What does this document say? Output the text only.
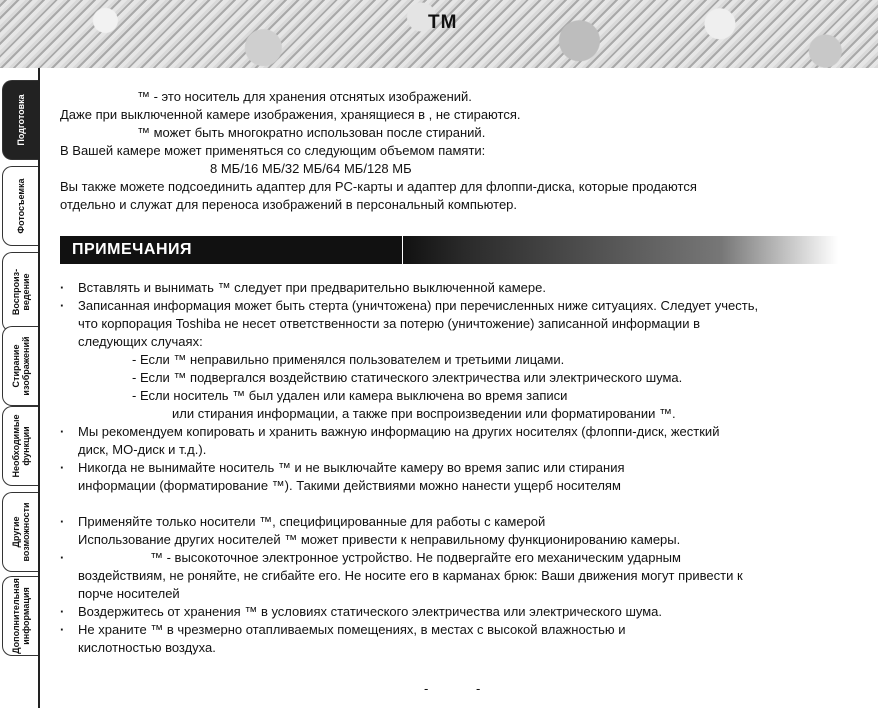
TM
Подготовка
Фотосъемка
Воспроиз-
ведение
Стирание
изображений
Необходимые
функции
Другие
возможности
Дополнительная
информация

™ - это носитель для хранения отснятых изображений.

Даже при выключенной камере изображения, хранящиеся в , не стираются.

™ может быть многократно использован после стираний.

В Вашей камере может применяться со следующим объемом памяти:

8 МБ/16 МБ/32 МБ/64 МБ/128 МБ

Вы также можете подсоединить адаптер для PC-карты и адаптер для флоппи-диска, которые продаются

отдельно и служат для переноса изображений в персональный компьютер.

ПРИМЕЧАНИЯ

· Вставлять и вынимать ™ следует при предварительно выключенной камере.

· Записанная информация может быть стерта (уничтожена) при перечисленных ниже ситуациях. Следует учесть,

что корпорация Toshiba не несет ответственности за потерю (уничтожение) записанной информации в

следующих случаях:

- Если ™ неправильно применялся пользователем и третьими лицами.

- Если ™ подвергался воздействию статического электричества или электрического шума.

- Если носитель ™ был удален или камера выключена во время записи

или стирания информации, а также при воспроизведении или форматировании ™.

· Мы рекомендуем копировать и хранить важную информацию на других носителях (флоппи-диск, жесткий

диск, МО-диск и т.д.).

· Никогда не вынимайте носитель ™ и не выключайте камеру во время запис или стирания

информации (форматирование ™). Такими действиями можно нанести ущерб носителям

· Применяйте только носители ™, специфицированные для работы с камерой

Использование других носителей ™ может привести к неправильному функционированию камеры.

· ™ - высокоточное электронное устройство. Не подвергайте его механическим ударным

воздействиям, не роняйте, не сгибайте его. Не носите его в карманах брюк: Ваши движения могут привести к

порче носителей

· Воздержитесь от хранения ™ в условиях статического электричества или электрического шума.

· Не храните ™ в чрезмерно отапливаемых помещениях, в местах с высокой влажностью и

кислотностью воздуха.

- -
